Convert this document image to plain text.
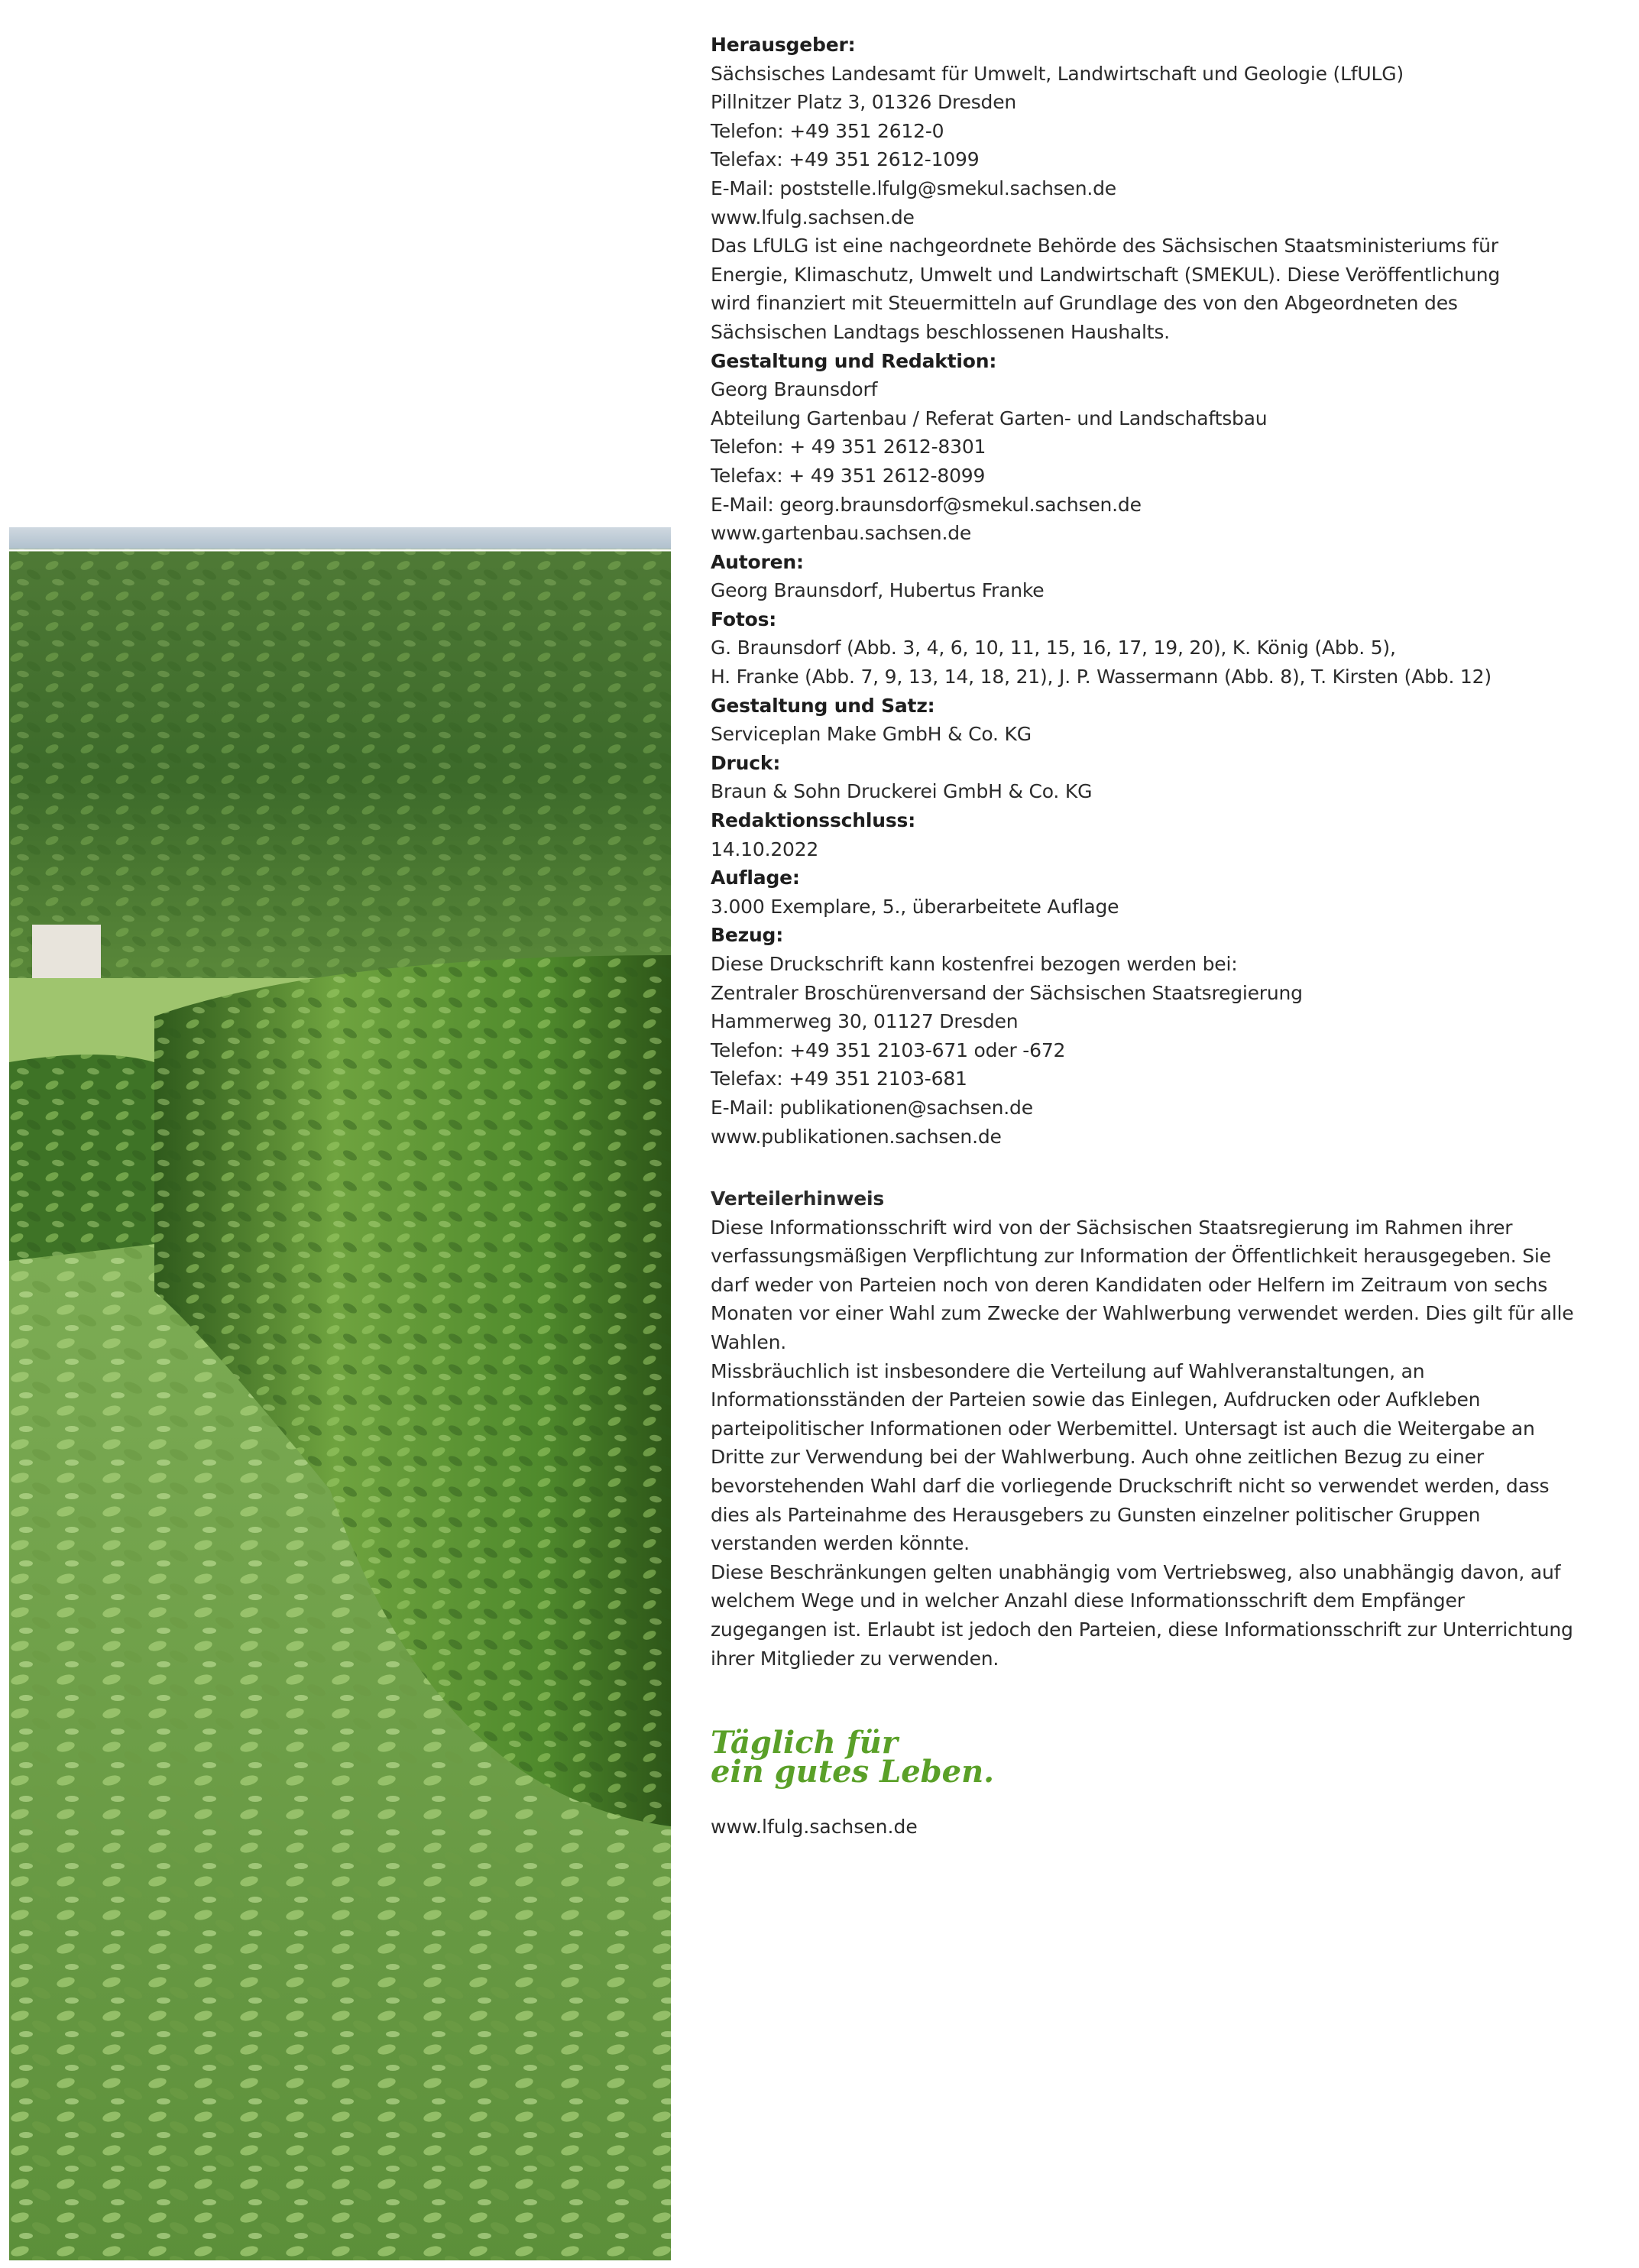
Herausgeber:
Sächsisches Landesamt für Umwelt, Landwirtschaft und Geologie (LfULG)
Pillnitzer Platz 3, 01326 Dresden
Telefon: +49 351 2612-0
Telefax: +49 351 2612-1099
E-Mail: poststelle.lfulg@smekul.sachsen.de
www.lfulg.sachsen.de
Das LfULG ist eine nachgeordnete Behörde des Sächsischen Staatsministeriums für
Energie, Klimaschutz, Umwelt und Landwirtschaft (SMEKUL). Diese Veröffentlichung
wird finanziert mit Steuermitteln auf Grundlage des von den Abgeordneten des
Sächsischen Landtags beschlossenen Haushalts.
Gestaltung und Redaktion:
Georg Braunsdorf
Abteilung Gartenbau / Referat Garten- und Landschaftsbau
Telefon: + 49 351 2612-8301
Telefax: + 49 351 2612-8099
E-Mail: georg.braunsdorf@smekul.sachsen.de
www.gartenbau.sachsen.de
Autoren:
Georg Braunsdorf, Hubertus Franke
Fotos:
G. Braunsdorf (Abb. 3, 4, 6, 10, 11, 15, 16, 17, 19, 20), K. König (Abb. 5),
H. Franke (Abb. 7, 9, 13, 14, 18, 21), J. P. Wassermann (Abb. 8), T. Kirsten (Abb. 12)
Gestaltung und Satz:
Serviceplan Make GmbH & Co. KG
Druck:
Braun & Sohn Druckerei GmbH & Co. KG
Redaktionsschluss:
14.10.2022
Auflage:
3.000 Exemplare, 5., überarbeitete Auflage
Bezug:
Diese Druckschrift kann kostenfrei bezogen werden bei:
Zentraler Broschürenversand der Sächsischen Staatsregierung
Hammerweg 30, 01127 Dresden
Telefon: +49 351 2103-671 oder -672
Telefax: +49 351 2103-681
E-Mail: publikationen@sachsen.de
www.publikationen.sachsen.de
Verteilerhinweis
Diese Informationsschrift wird von der Sächsischen Staatsregierung im Rahmen ihrer verfassungsmäßigen Verpflichtung zur Information der Öffentlichkeit herausgegeben. Sie darf weder von Parteien noch von deren Kandidaten oder Helfern im Zeitraum von sechs Monaten vor einer Wahl zum Zwecke der Wahlwerbung verwendet werden. Dies gilt für alle Wahlen.
Missbräuchlich ist insbesondere die Verteilung auf Wahlveranstaltungen, an Informationsständen der Parteien sowie das Einlegen, Aufdrucken oder Aufkleben parteipolitischer Informationen oder Werbemittel. Untersagt ist auch die Weitergabe an Dritte zur Verwendung bei der Wahlwerbung. Auch ohne zeitlichen Bezug zu einer bevorstehenden Wahl darf die vorliegende Druckschrift nicht so verwendet werden, dass dies als Parteinahme des Herausgebers zu Gunsten einzelner politischer Gruppen verstanden werden könnte.
Diese Beschränkungen gelten unabhängig vom Vertriebsweg, also unabhängig davon, auf welchem Wege und in welcher Anzahl diese Informationsschrift dem Empfänger zugegangen ist. Erlaubt ist jedoch den Parteien, diese Informationsschrift zur Unterrichtung ihrer Mitglieder zu verwenden.
Täglich für
ein gutes Leben.
www.lfulg.sachsen.de
